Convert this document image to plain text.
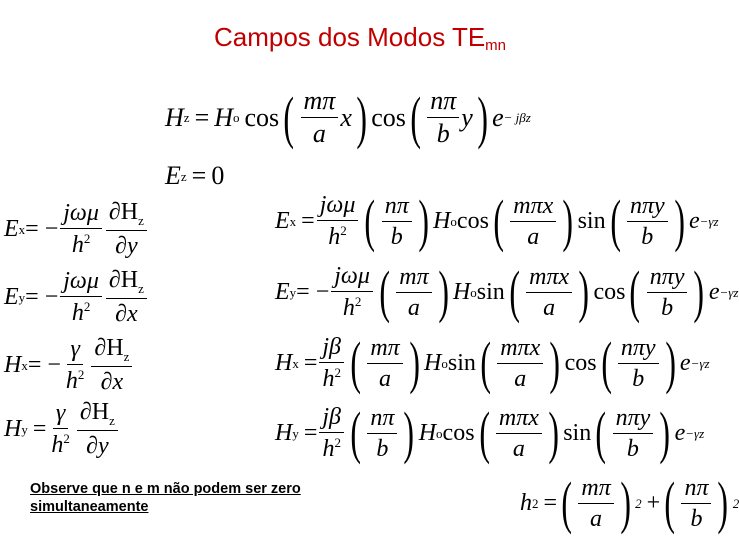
Campos dos Modos $TE_{mn}$
H z = H o cos ( $\frac{m\pi}{a}$ x ) cos ( $\frac{n\pi}{b}$ y ) e − jβz
E z = 0
E x = − $\frac{\text{jωμ}}{h^2} \frac{\partial H_z}{\partial y}$
E y = − $\frac{\text{jωμ}}{h^2} \frac{\partial H_z}{\partial x}$
H x = − $\frac{\gamma}{h^2} \frac{\partial H_z}{\partial x}$
H $y = \frac{\gamma}{h^2} \frac{\partial H_z}{\partial y}$
E $x = \frac{\text{jωμ}}{h^2}$ ( $\frac{n\pi}{b}$ ) H o cos ( $\frac{\text{mπx}}{a}$ ) sin ( $\frac{\text{nπy}}{b}$ ) e −γz
E y = − $\frac{\text{jωμ}}{h^2}$ ( $\frac{m\pi}{a}$ ) H o sin ( $\frac{\text{mπx}}{a}$ ) cos ( $\frac{\text{nπy}}{b}$ ) e −γz
H $x = \frac{j\beta}{h^2}$ ( $\frac{m\pi}{a}$ ) H o sin ( $\frac{\text{mπx}}{a}$ ) cos ( $\frac{\text{nπy}}{b}$ ) e −γz
H $y = \frac{j\beta}{h^2}$ ( $\frac{n\pi}{b}$ ) H o cos ( $\frac{\text{mπx}}{a}$ ) sin ( $\frac{\text{nπy}}{b}$ ) e −γz
Observe que n e m não podem ser zero simultaneamente	h 2 = ( $\frac{m\pi}{a}$ ) 2 + ( $\frac{n\pi}{b}$ ) 2
